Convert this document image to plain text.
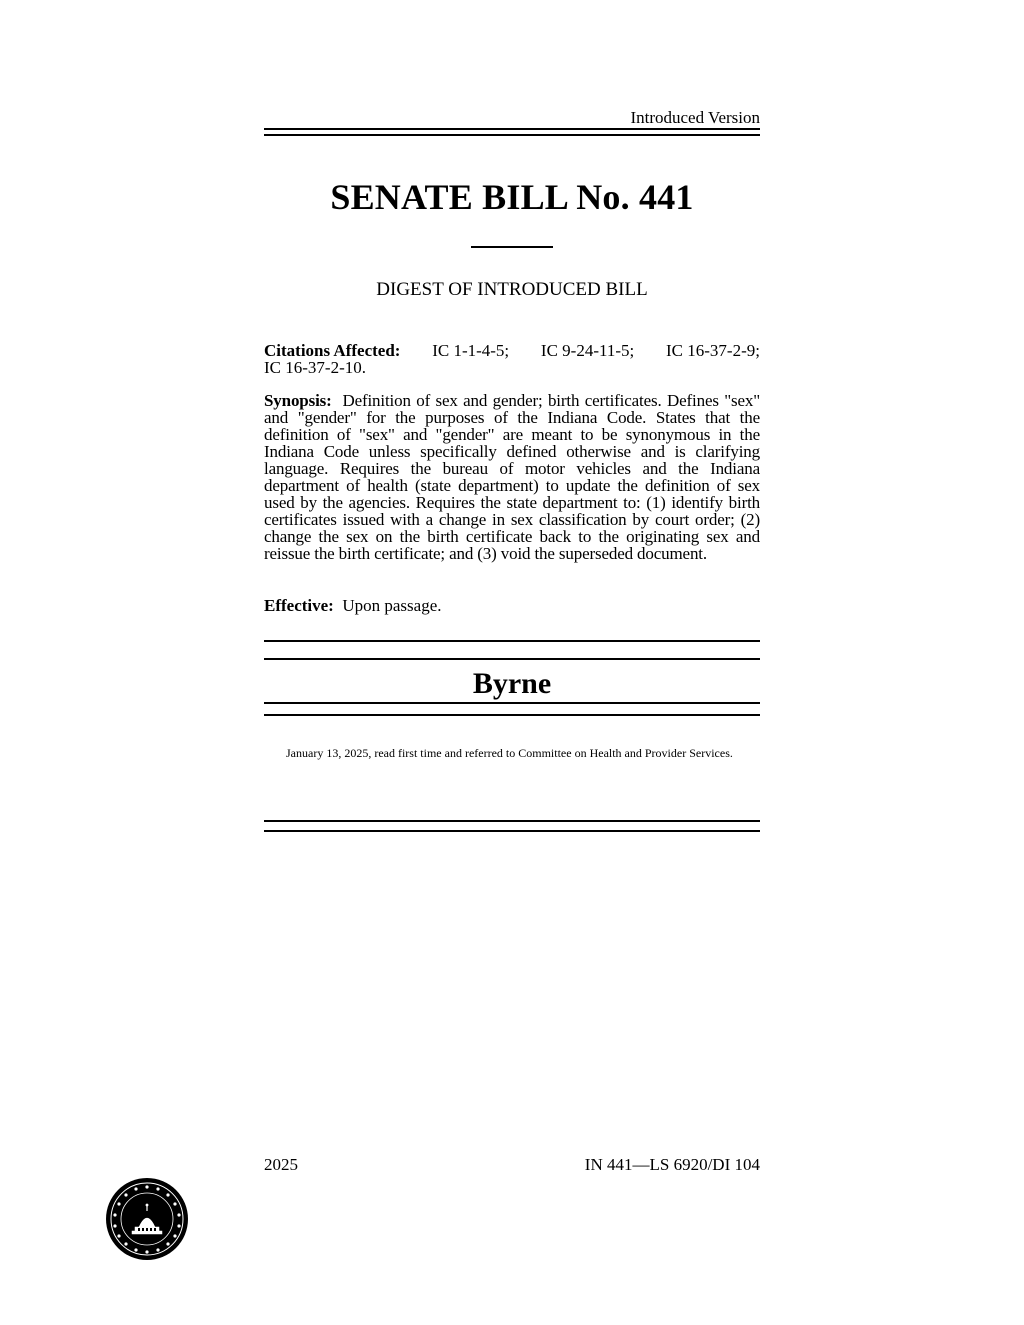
Introduced Version
SENATE BILL No. 441
DIGEST OF INTRODUCED BILL
Citations Affected: IC 1-1-4-5; IC 9-24-11-5; IC 16-37-2-9;
IC 16-37-2-10.
Synopsis: Definition of sex and gender; birth certificates. Defines "sex" and "gender" for the purposes of the Indiana Code. States that the definition of "sex" and "gender" are meant to be synonymous in the Indiana Code unless specifically defined otherwise and is clarifying language. Requires the bureau of motor vehicles and the Indiana department of health (state department) to update the definition of sex used by the agencies. Requires the state department to: (1) identify birth certificates issued with a change in sex classification by court order; (2) change the sex on the birth certificate back to the originating sex and reissue the birth certificate; and (3) void the superseded document.
Effective: Upon passage.
Byrne
January 13, 2025, read first time and referred to Committee on Health and Provider Services.
2025	IN 441—LS 6920/DI 104
